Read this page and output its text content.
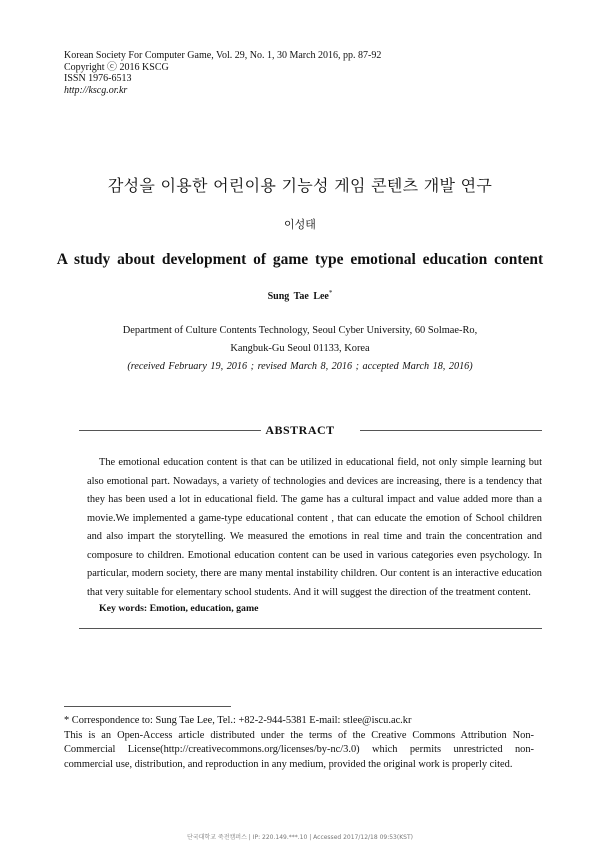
Korean Society For Computer Game, Vol. 29, No. 1, 30 March 2016, pp. 87-92
Copyright ⓒ 2016 KSCG
ISSN 1976-6513
http://kscg.or.kr
감성을 이용한 어린이용 기능성 게임 콘텐츠 개발 연구
이성태
A study about development of game type emotional education content
Sung Tae Lee*
Department of Culture Contents Technology, Seoul Cyber University, 60 Solmae-Ro,
Kangbuk-Gu Seoul 01133, Korea
(received February 19, 2016 ; revised March 8, 2016 ; accepted March 18, 2016)
ABSTRACT
The emotional education content is that can be utilized in educational field, not only simple learning but also emotional part. Nowadays, a variety of technologies and devices are increasing, there is a tendency that they has been used a lot in educational field. The game has a cultural impact and value added more than a movie.We implemented a game-type educational content , that can educate the emotion of School children and also impart the storytelling. We measured the emotions in real time and train the concentration and composure to children. Emotional education content can be used in various categories even psychology. In particular, modern society, there are many mental instability children. Our content is an interactive education that very suitable for elementary school students. And it will suggest the direction of the treatment content.
Key words: Emotion, education, game
* Correspondence to: Sung Tae Lee, Tel.: +82-2-944-5381 E-mail: stlee@iscu.ac.kr
This is an Open-Access article distributed under the terms of the Creative Commons Attribution Non-Commercial License(http://creativecommons.org/licenses/by-nc/3.0) which permits unrestricted non- commercial use, distribution, and reproduction in any medium, provided the original work is properly cited.
단국대학교 죽전캠퍼스 | IP: 220.149.***.10 | Accessed 2017/12/18 09:53(KST)
